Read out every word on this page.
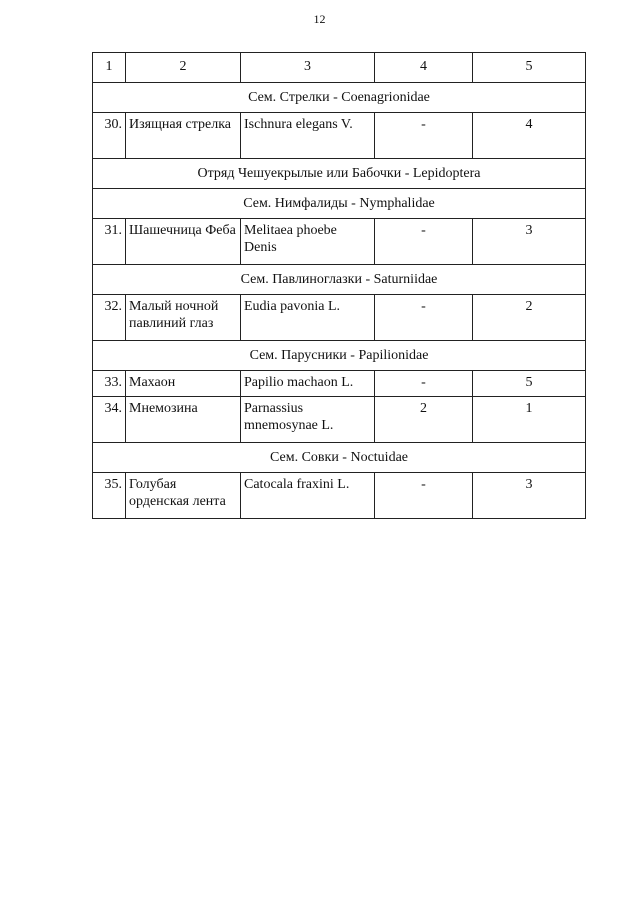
12
1	2	3	4	5
Сем. Стрелки - Coenagrionidae				
30.	Изящная стрелка	Ischnura elegans V.	-	4
Отряд Чешуекрылые или Бабочки - Lepidoptera				
Сем. Нимфалиды - Nymphalidae				
31.	Шашечница Феба	Melitaea phoebe Denis	-	3
Сем. Павлиноглазки - Saturniidae				
32.	Малый ночной павлиний глаз	Eudia pavonia L.	-	2
Сем. Парусники - Papilionidae				
33.	Махаон	Papilio machaon L.	-	5
34.	Мнемозина	Parnassius mnemosynae L.	2	1
Сем. Совки - Noctuidae				
35.	Голубая орденская лента	Catocala fraxini L.	-	3
